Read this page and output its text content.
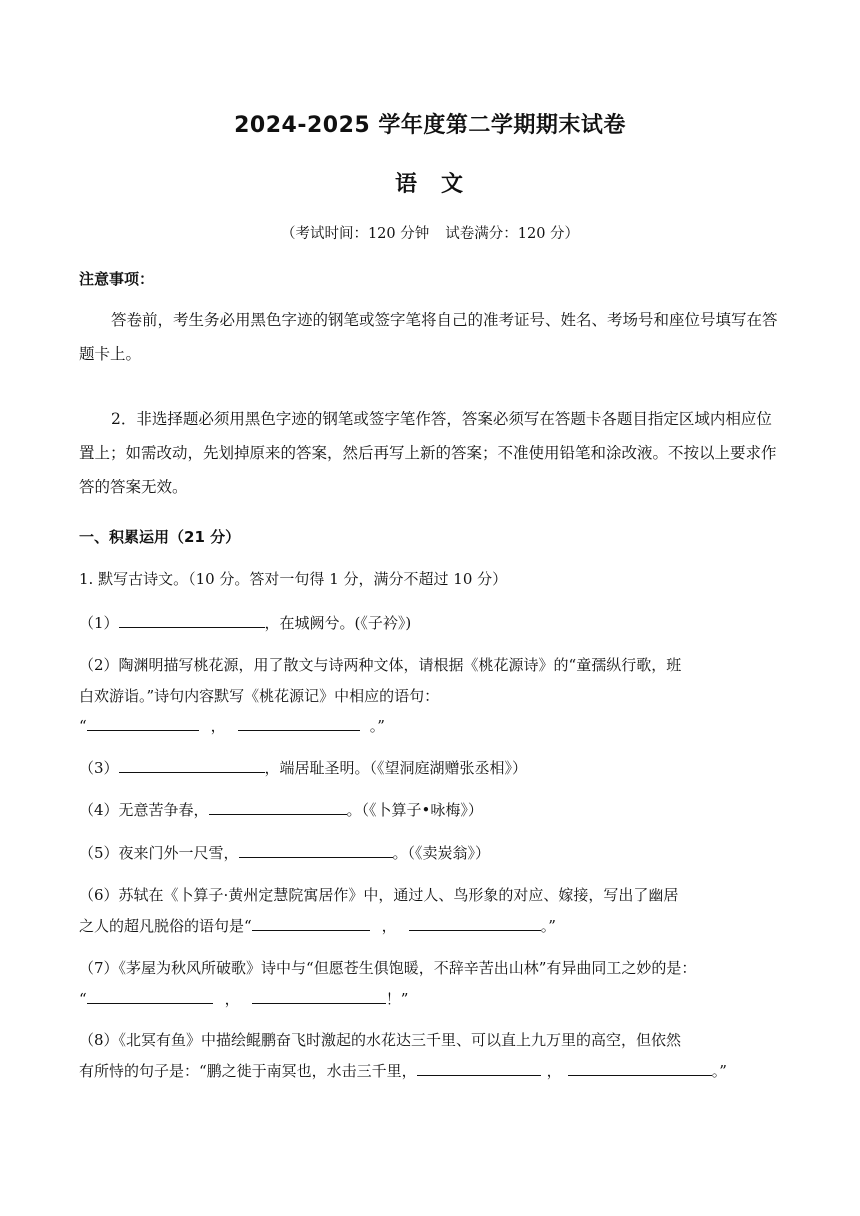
2024-2025 学年度第二学期期末试卷
语 文
（考试时间：120 分钟 试卷满分：120 分）
注意事项：
答卷前，考生务必用黑色字迹的钢笔或签字笔将自己的准考证号、姓名、考场号和座位号填写在答题卡上。
2．非选择题必须用黑色字迹的钢笔或签字笔作答，答案必须写在答题卡各题目指定区域内相应位置上；如需改动，先划掉原来的答案，然后再写上新的答案；不准使用铅笔和涂改液。不按以上要求作答的答案无效。
一、积累运用（21 分）
1. 默写古诗文。（10 分。答对一句得 1 分，满分不超过 10 分）
（1）	，在城阙兮。(《子衿》)
（2）陶渊明描写桃花源，用了散文与诗两种文体，请根据《桃花源诗》的“童孺纵行歌，班
白欢游诣。”诗句内容默写《桃花源记》中相应的语句：
“	，	。”
（3）	，端居耻圣明。（《望洞庭湖赠张丞相》）
（4）无意苦争春，	。（《卜算子•咏梅》）
（5）夜来门外一尺雪，	。（《卖炭翁》）
（6）苏轼在《卜算子·黄州定慧院寓居作》中，通过人、鸟形象的对应、嫁接，写出了幽居
之人的超凡脱俗的语句是“	，	。”
（7）《茅屋为秋风所破歌》诗中与“但愿苍生俱饱暖，不辞辛苦出山林”有异曲同工之妙的是：
“	，	！”
（8）《北冥有鱼》中描绘鲲鹏奋飞时激起的水花达三千里、可以直上九万里的高空，但依然
有所恃的句子是：“鹏之徙于南冥也，水击三千里，	，	。”
